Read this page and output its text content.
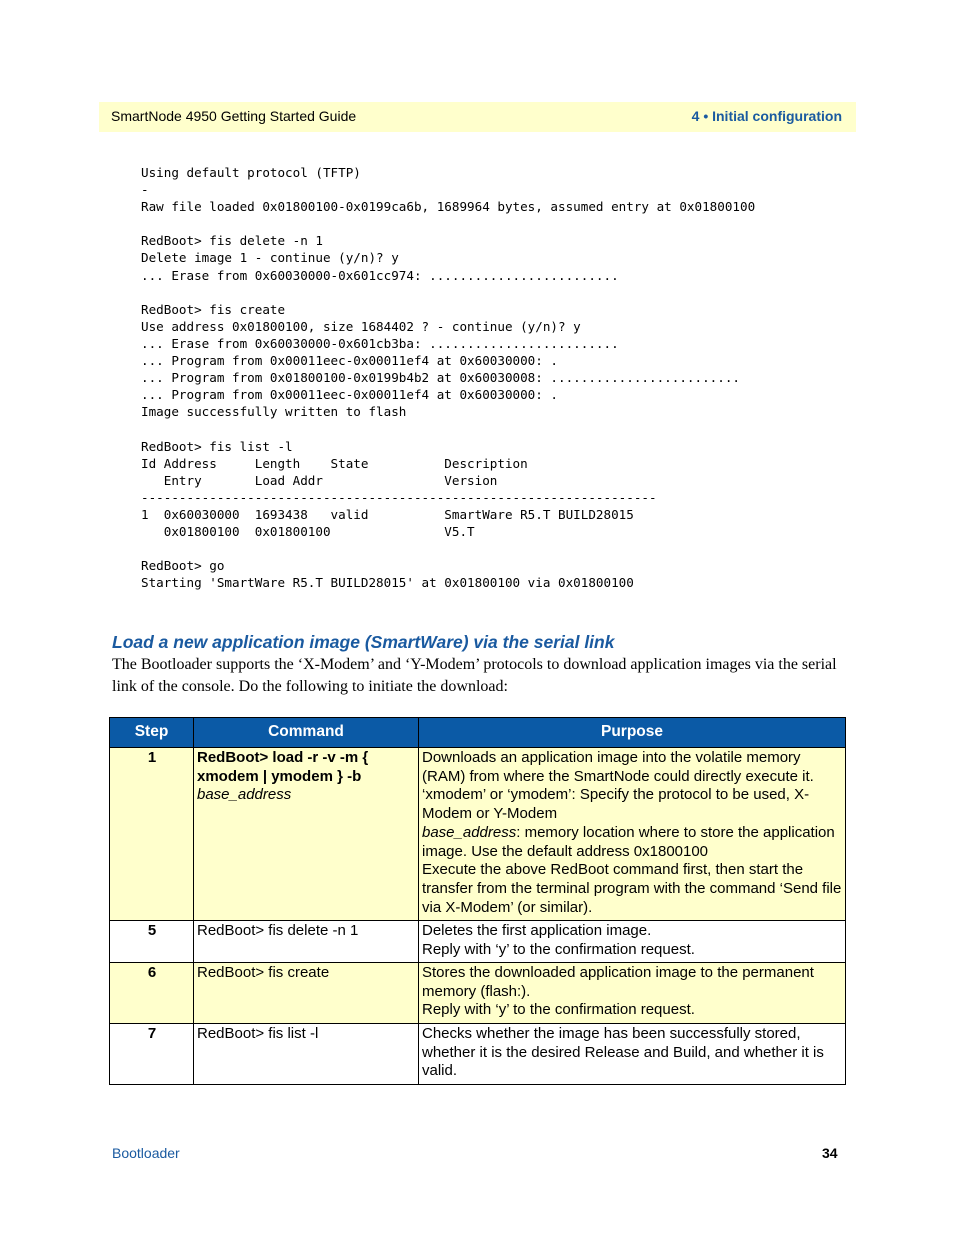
SmartNode 4950 Getting Started Guide	4 • Initial configuration
Using default protocol (TFTP)
-
Raw file loaded 0x01800100-0x0199ca6b, 1689964 bytes, assumed entry at 0x01800100

RedBoot> fis delete -n 1
Delete image 1 - continue (y/n)? y
... Erase from 0x60030000-0x601cc974: .........................

RedBoot> fis create
Use address 0x01800100, size 1684402 ? - continue (y/n)? y
... Erase from 0x60030000-0x601cb3ba: .........................
... Program from 0x00011eec-0x00011ef4 at 0x60030000: .
... Program from 0x01800100-0x0199b4b2 at 0x60030008: .........................
... Program from 0x00011eec-0x00011ef4 at 0x60030000: .
Image successfully written to flash

RedBoot> fis list -l
Id Address     Length    State          Description
Entry       Load Addr                Version
--------------------------------------------------------------------
1  0x60030000  1693438   valid          SmartWare R5.T BUILD28015
0x01800100  0x01800100               V5.T

RedBoot> go
Starting 'SmartWare R5.T BUILD28015' at 0x01800100 via 0x01800100
Load a new application image (SmartWare) via the serial link

The Bootloader supports the ‘X-Modem’ and ‘Y-Modem’ protocols to download application images via the serial link of the console. Do the following to initiate the download:

Step	Command	Purpose
1	RedBoot> load -r -v -m { xmodem | ymodem } -b
base_address	Downloads an application image into the volatile memory (RAM) from where the SmartNode could directly execute it.
‘xmodem’ or ‘ymodem’: Specify the protocol to be used, X-Modem or Y-Modem
base_address: memory location where to store the application image. Use the default address 0x1800100
Execute the above RedBoot command first, then start the transfer from the terminal program with the command ‘Send file via X-Modem’ (or similar).
5	RedBoot> fis delete -n 1	Deletes the first application image.
Reply with ‘y’ to the confirmation request.
6	RedBoot> fis create	Stores the downloaded application image to the permanent memory (flash:).
Reply with ‘y’ to the confirmation request.
7	RedBoot> fis list -l	Checks whether the image has been successfully stored, whether it is the desired Release and Build, and whether it is valid.
Bootloader	34
